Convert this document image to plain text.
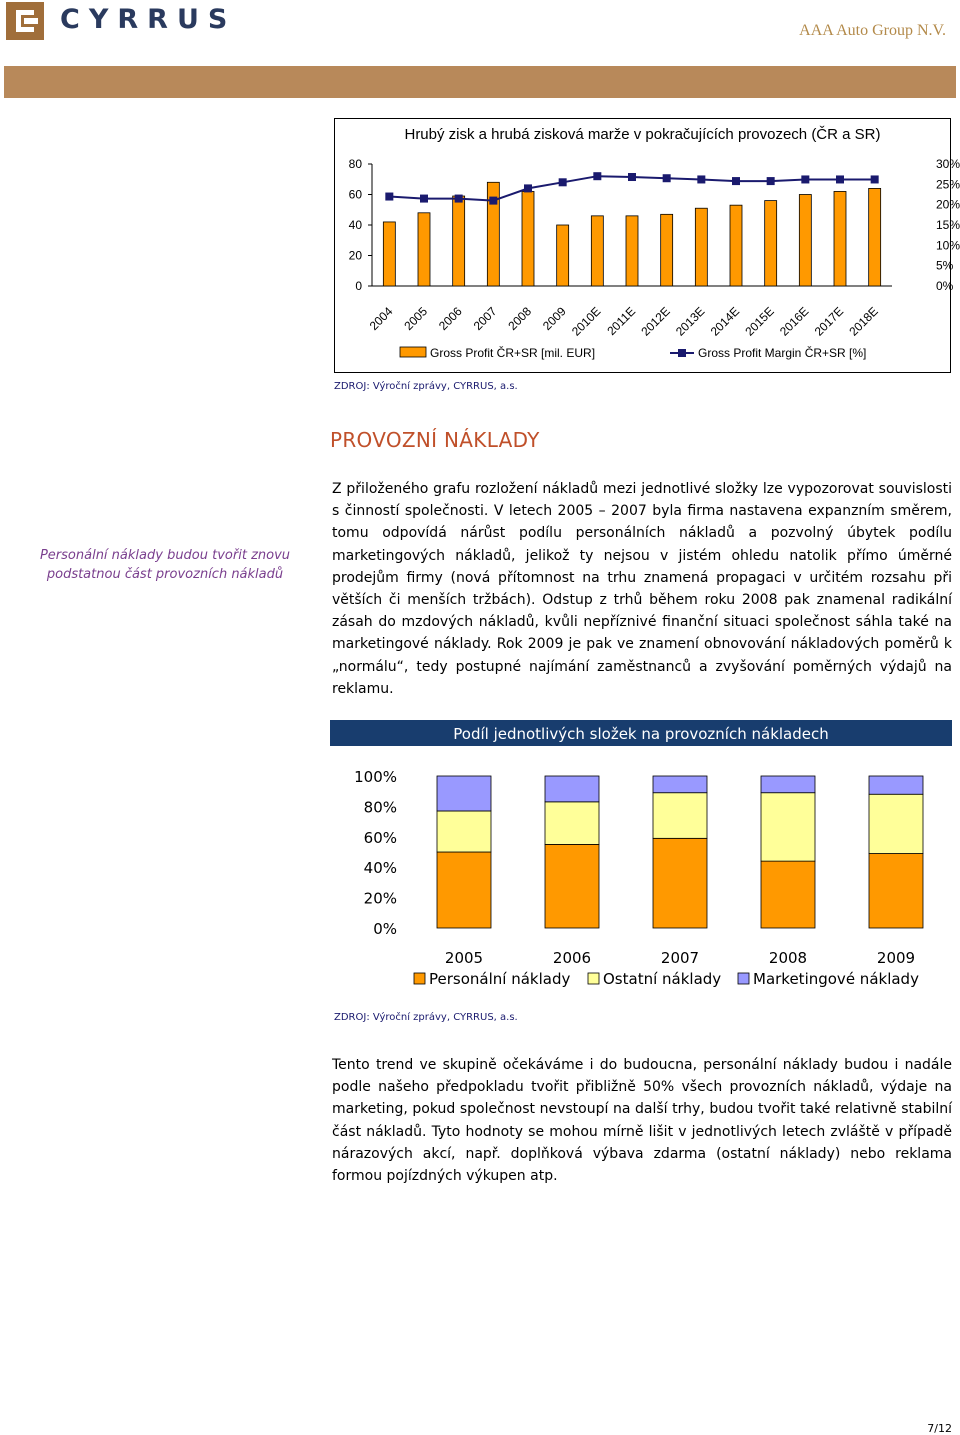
CYRRUS	AAA Auto Group N.V.
Hrubý zisk a hrubá zisková marže v pokračujících provozech (ČR a SR)
0
20
40
60
80
0%
5%
10%
15%
20%
25%
30%
2004 2005 2006 2007 2008 2009 2010E 2011E 2012E 2013E 2014E 2015E 2016E 2017E 2018E
Gross Profit ČR+SR [mil. EUR]	Gross Profit Margin ČR+SR [%]
ZDROJ: Výroční zprávy, CYRRUS, a.s.
PROVOZNÍ NÁKLADY
Personální náklady budou tvořit znovu podstatnou část provozních nákladů
Z přiloženého grafu rozložení nákladů mezi jednotlivé složky lze vypozorovat souvislosti s činností společnosti. V letech 2005 – 2007 byla firma nastavena expanzním směrem, tomu odpovídá nárůst podílu personálních nákladů a pozvolný úbytek podílu marketingových nákladů, jelikož ty nejsou v jistém ohledu natolik přímo úměrné prodejům firmy (nová přítomnost na trhu znamená propagaci v určitém rozsahu při větších či menších tržbách). Odstup z trhů během roku 2008 pak znamenal radikální zásah do mzdových nákladů, kvůli nepříznivé finanční situaci společnost sáhla také na marketingové náklady. Rok 2009 je pak ve znamení obnovování nákladových poměrů k „normálu“, tedy postupné najímání zaměstnanců a zvyšování poměrných výdajů na reklamu.
Podíl jednotlivých složek na provozních nákladech
0%
20%
40%
60%
80%
100%
2005	2006	2007	2008	2009
Personální náklady Ostatní náklady Marketingové náklady
ZDROJ: Výroční zprávy, CYRRUS, a.s.
Tento trend ve skupině očekáváme i do budoucna, personální náklady budou i nadále podle našeho předpokladu tvořit přibližně 50% všech provozních nákladů, výdaje na marketing, pokud společnost nevstoupí na další trhy, budou tvořit také relativně stabilní část nákladů. Tyto hodnoty se mohou mírně lišit v jednotlivých letech zvláště v případě nárazových akcí, např. doplňková výbava zdarma (ostatní náklady) nebo reklama formou pojízdných výkupen atp.
7/12
